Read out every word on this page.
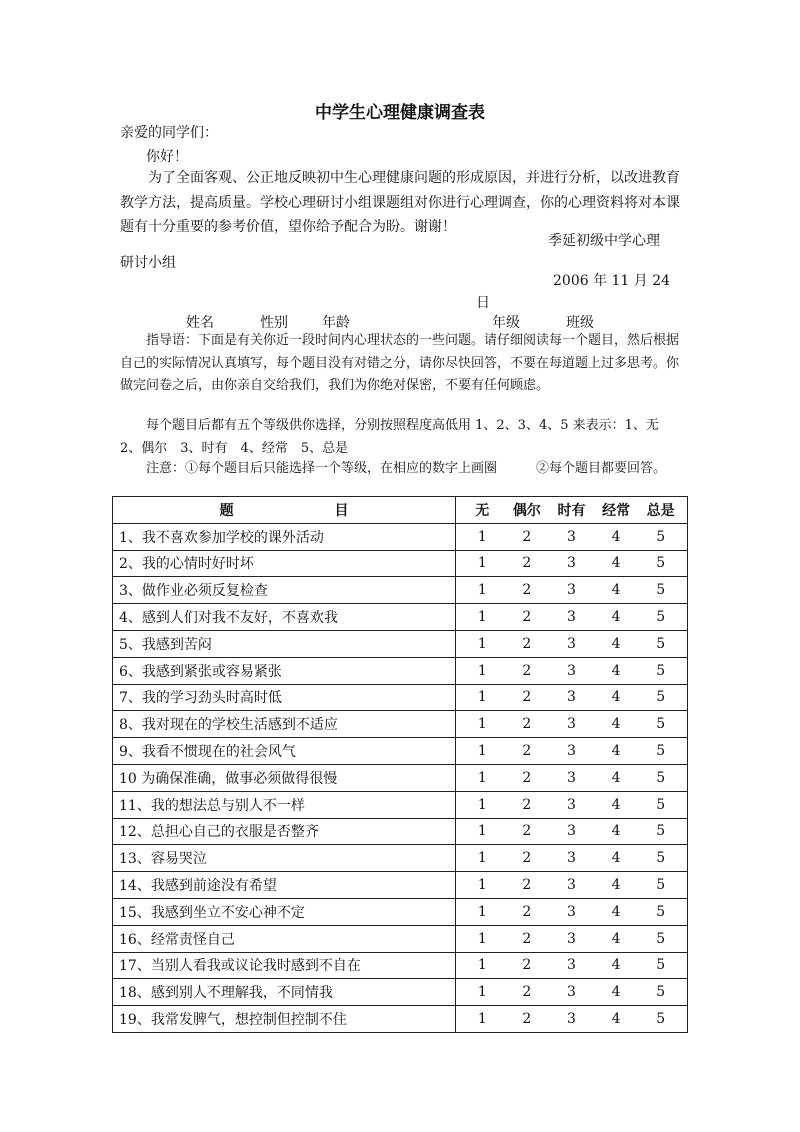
中学生心理健康调查表
亲爱的同学们：
你好！
为了全面客观、公正地反映初中生心理健康问题的形成原因，并进行分析，以改进教育教学方法，提高质量。学校心理研讨小组课题组对你进行心理调查，你的心理资料将对本课题有十分重要的参考价值，望你给予配合为盼。谢谢！
季延初级中学心理
研讨小组
2006 年 11 月 24
日
姓名	性别 年龄	年级	班级
指导语：下面是有关你近一段时间内心理状态的一些问题。请仔细阅读每一个题目，然后根据自己的实际情况认真填写，每个题目没有对错之分，请你尽快回答，不要在每道题上过多思考。你做完问卷之后，由你亲自交给我们，我们为你绝对保密，不要有任何顾虑。
每个题目后都有五个等级供你选择，分别按照程度高低用 1、2、3、4、5 来表示：1、无　2、偶尔　3、时有　4、经常　5、总是
注意：①每个题目后只能选择一个等级，在相应的数字上画圈　　　②每个题目都要回答。
题 目	无 偶尔 时有 经常 总是

1、我不喜欢参加学校的课外活动	1 2 3 4 5

2、我的心情时好时坏	1 2 3 4 5

3、做作业必须反复检查	1 2 3 4 5

4、感到人们对我不友好，不喜欢我	1 2 3 4 5

5、我感到苦闷	1 2 3 4 5

6、我感到紧张或容易紧张	1 2 3 4 5

7、我的学习劲头时高时低	1 2 3 4 5

8、我对现在的学校生活感到不适应	1 2 3 4 5

9、我看不惯现在的社会风气	1 2 3 4 5

10 为确保准确，做事必须做得很慢	1 2 3 4 5

11、我的想法总与别人不一样	1 2 3 4 5

12、总担心自己的衣服是否整齐	1 2 3 4 5

13、容易哭泣	1 2 3 4 5

14、我感到前途没有希望	1 2 3 4 5

15、我感到坐立不安心神不定	1 2 3 4 5

16、经常责怪自己	1 2 3 4 5

17、当别人看我或议论我时感到不自在	1 2 3 4 5

18、感到别人不理解我，不同情我	1 2 3 4 5

19、我常发脾气，想控制但控制不住	1 2 3 4 5
